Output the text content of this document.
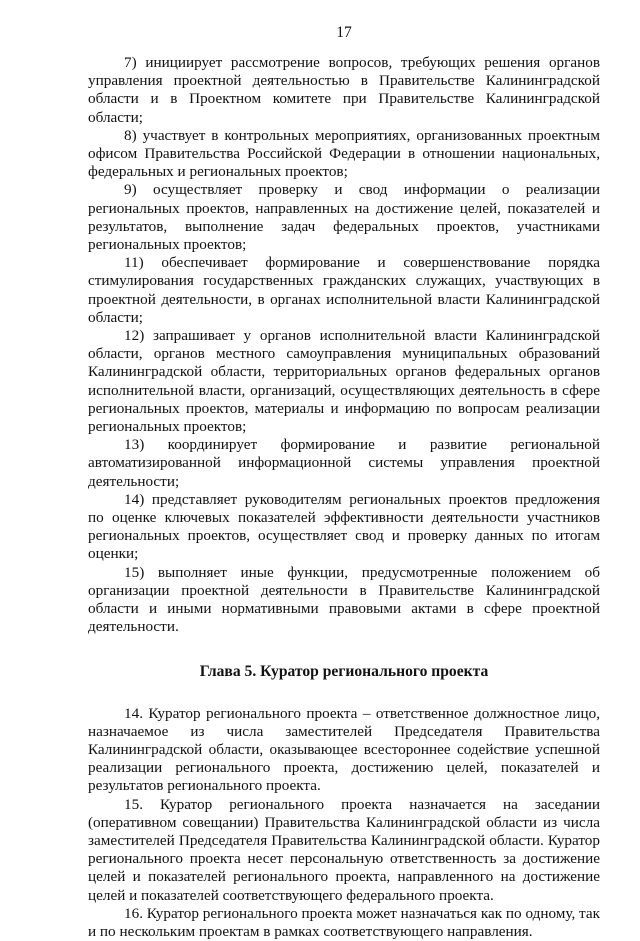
17

7) инициирует рассмотрение вопросов, требующих решения органов управления проектной деятельностью в Правительстве Калининградской области и в Проектном комитете при Правительстве Калининградской области;

8) участвует в контрольных мероприятиях, организованных проектным офисом Правительства Российской Федерации в отношении национальных, федеральных и региональных проектов;

9) осуществляет проверку и свод информации о реализации региональных проектов, направленных на достижение целей, показателей и результатов, выполнение задач федеральных проектов, участниками региональных проектов;

11) обеспечивает формирование и совершенствование порядка стимулирования государственных гражданских служащих, участвующих в проектной деятельности, в органах исполнительной власти Калининградской области;

12) запрашивает у органов исполнительной власти Калининградской области, органов местного самоуправления муниципальных образований Калининградской области, территориальных органов федеральных органов исполнительной власти, организаций, осуществляющих деятельность в сфере региональных проектов, материалы и информацию по вопросам реализации региональных проектов;

13) координирует формирование и развитие региональной автоматизированной информационной системы управления проектной деятельности;

14) представляет руководителям региональных проектов предложения по оценке ключевых показателей эффективности деятельности участников региональных проектов, осуществляет свод и проверку данных по итогам оценки;

15) выполняет иные функции, предусмотренные положением об организации проектной деятельности в Правительстве Калининградской области и иными нормативными правовыми актами в сфере проектной деятельности.

Глава 5. Куратор регионального проекта

14. Куратор регионального проекта – ответственное должностное лицо, назначаемое из числа заместителей Председателя Правительства Калининградской области, оказывающее всестороннее содействие успешной реализации регионального проекта, достижению целей, показателей и результатов регионального проекта.

15. Куратор регионального проекта назначается на заседании (оперативном совещании) Правительства Калининградской области из числа заместителей Председателя Правительства Калининградской области. Куратор регионального проекта несет персональную ответственность за достижение целей и показателей регионального проекта, направленного на достижение целей и показателей соответствующего федерального проекта.

16. Куратор регионального проекта может назначаться как по одному, так и по нескольким проектам в рамках соответствующего направления.
